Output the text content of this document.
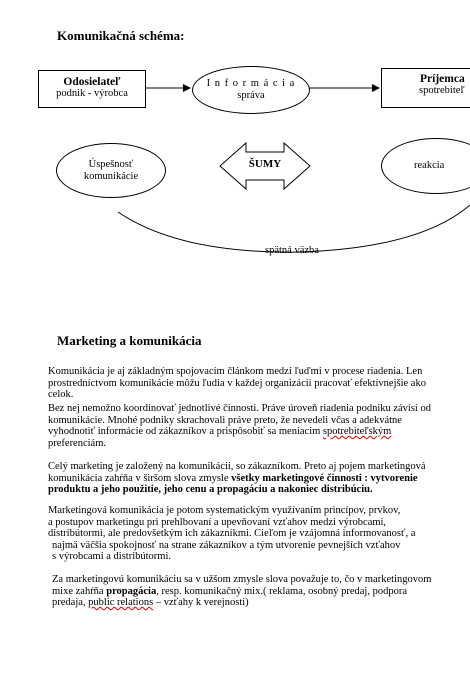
Komunikačná schéma:
Odosielateľ
podnik - výrobca
I n f o r m á c i a
správa
Príjemca
spotrebiteľ
Úspešnosť
komunikácie
ŠUMY	reakcia
spätná väzba
Marketing a komunikácia
Komunikácia je aj základným spojovacím článkom medzi ľuďmi v procese riadenia. Len
prostredníctvom komunikácie môžu ľudia v každej organizácii pracovať efektívnejšie ako
celok.
Bez nej nemožno koordinovať jednotlivé činnosti. Práve úroveň riadenia podniku závisí od
komunikácie. Mnohé podniky skrachovali práve preto, že nevedeli včas a adekvátne
vyhodnotiť informácie od zákazníkov a prispôsobiť sa meniacim spotrebiteľským
preferenciám.
Celý marketing je založený na komunikácii, so zákazníkom. Preto aj pojem marketingová
komunikácia zahŕňa v širšom slova zmysle všetky marketingové činnosti : vytvorenie
produktu a jeho použitie, jeho cenu a propagáciu a nakoniec distribúciu.
Marketingová komunikácia je potom systematickým využívaním princípov, prvkov,
a postupov marketingu pri prehlbovaní a upevňovaní vzťahov medzi výrobcami,
distribútormi, ale predovšetkým ich zákazníkmi. Cieľom je vzájomná informovanosť, a
najmä väčšia spokojnosť na strane zákazníkov a tým utvorenie pevnejších vzťahov
s výrobcami a distribútormi.
Za marketingovú komunikáciu sa v užšom zmysle slova považuje to, čo v marketingovom
mixe zahŕňa propagácia, resp. komunikačný mix.( reklama, osobný predaj, podpora
predaja, public relations – vzťahy k verejnosti)
